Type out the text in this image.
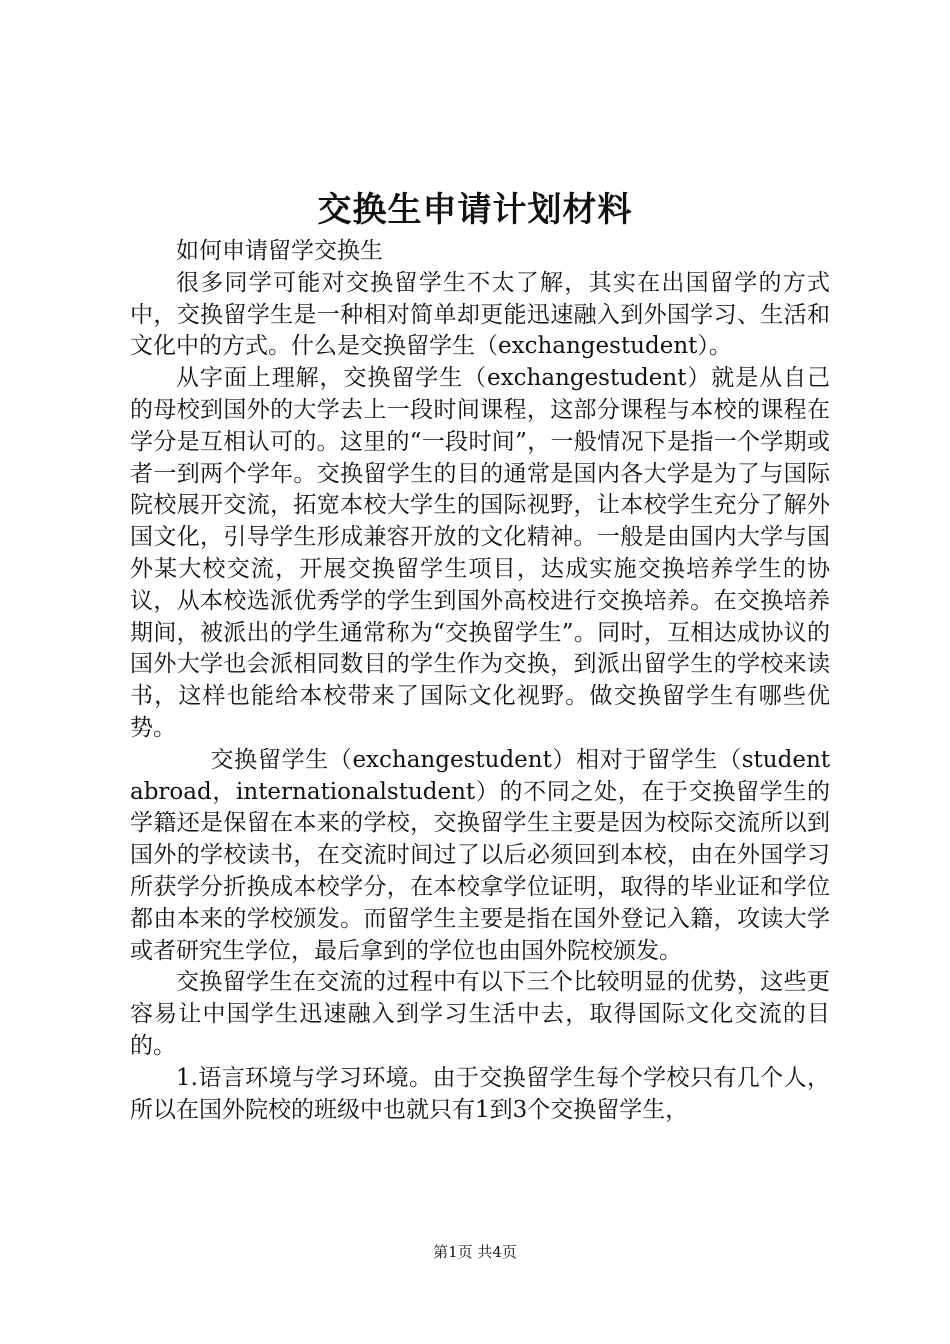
交换生申请计划材料

如何申请留学交换生

很多同学可能对交换留学生不太了解，其实在出国留学的方式中，交换留学生是一种相对简单却更能迅速融入到外国学习、生活和文化中的方式。什么是交换留学生（exchangestudent）。

从字面上理解，交换留学生（exchangestudent）就是从自己的母校到国外的大学去上一段时间课程，这部分课程与本校的课程在学分是互相认可的。这里的“一段时间”，一般情况下是指一个学期或者一到两个学年。交换留学生的目的通常是国内各大学是为了与国际院校展开交流，拓宽本校大学生的国际视野，让本校学生充分了解外国文化，引导学生形成兼容开放的文化精神。一般是由国内大学与国外某大校交流，开展交换留学生项目，达成实施交换培养学生的协议，从本校选派优秀学的学生到国外高校进行交换培养。在交换培养期间，被派出的学生通常称为“交换留学生”。同时，互相达成协议的国外大学也会派相同数目的学生作为交换，到派出留学生的学校来读书，这样也能给本校带来了国际文化视野。做交换留学生有哪些优势。

交换留学生（exchangestudent）相对于留学生（studentabroad，internationalstudent）的不同之处，在于交换留学生的学籍还是保留在本来的学校，交换留学生主要是因为校际交流所以到国外的学校读书，在交流时间过了以后必须回到本校，由在外国学习所获学分折换成本校学分，在本校拿学位证明，取得的毕业证和学位都由本来的学校颁发。而留学生主要是指在国外登记入籍，攻读大学或者研究生学位，最后拿到的学位也由国外院校颁发。

交换留学生在交流的过程中有以下三个比较明显的优势，这些更容易让中国学生迅速融入到学习生活中去，取得国际文化交流的目的。

1.语言环境与学习环境。由于交换留学生每个学校只有几个人，所以在国外院校的班级中也就只有1到3个交换留学生，

第1页 共4页
